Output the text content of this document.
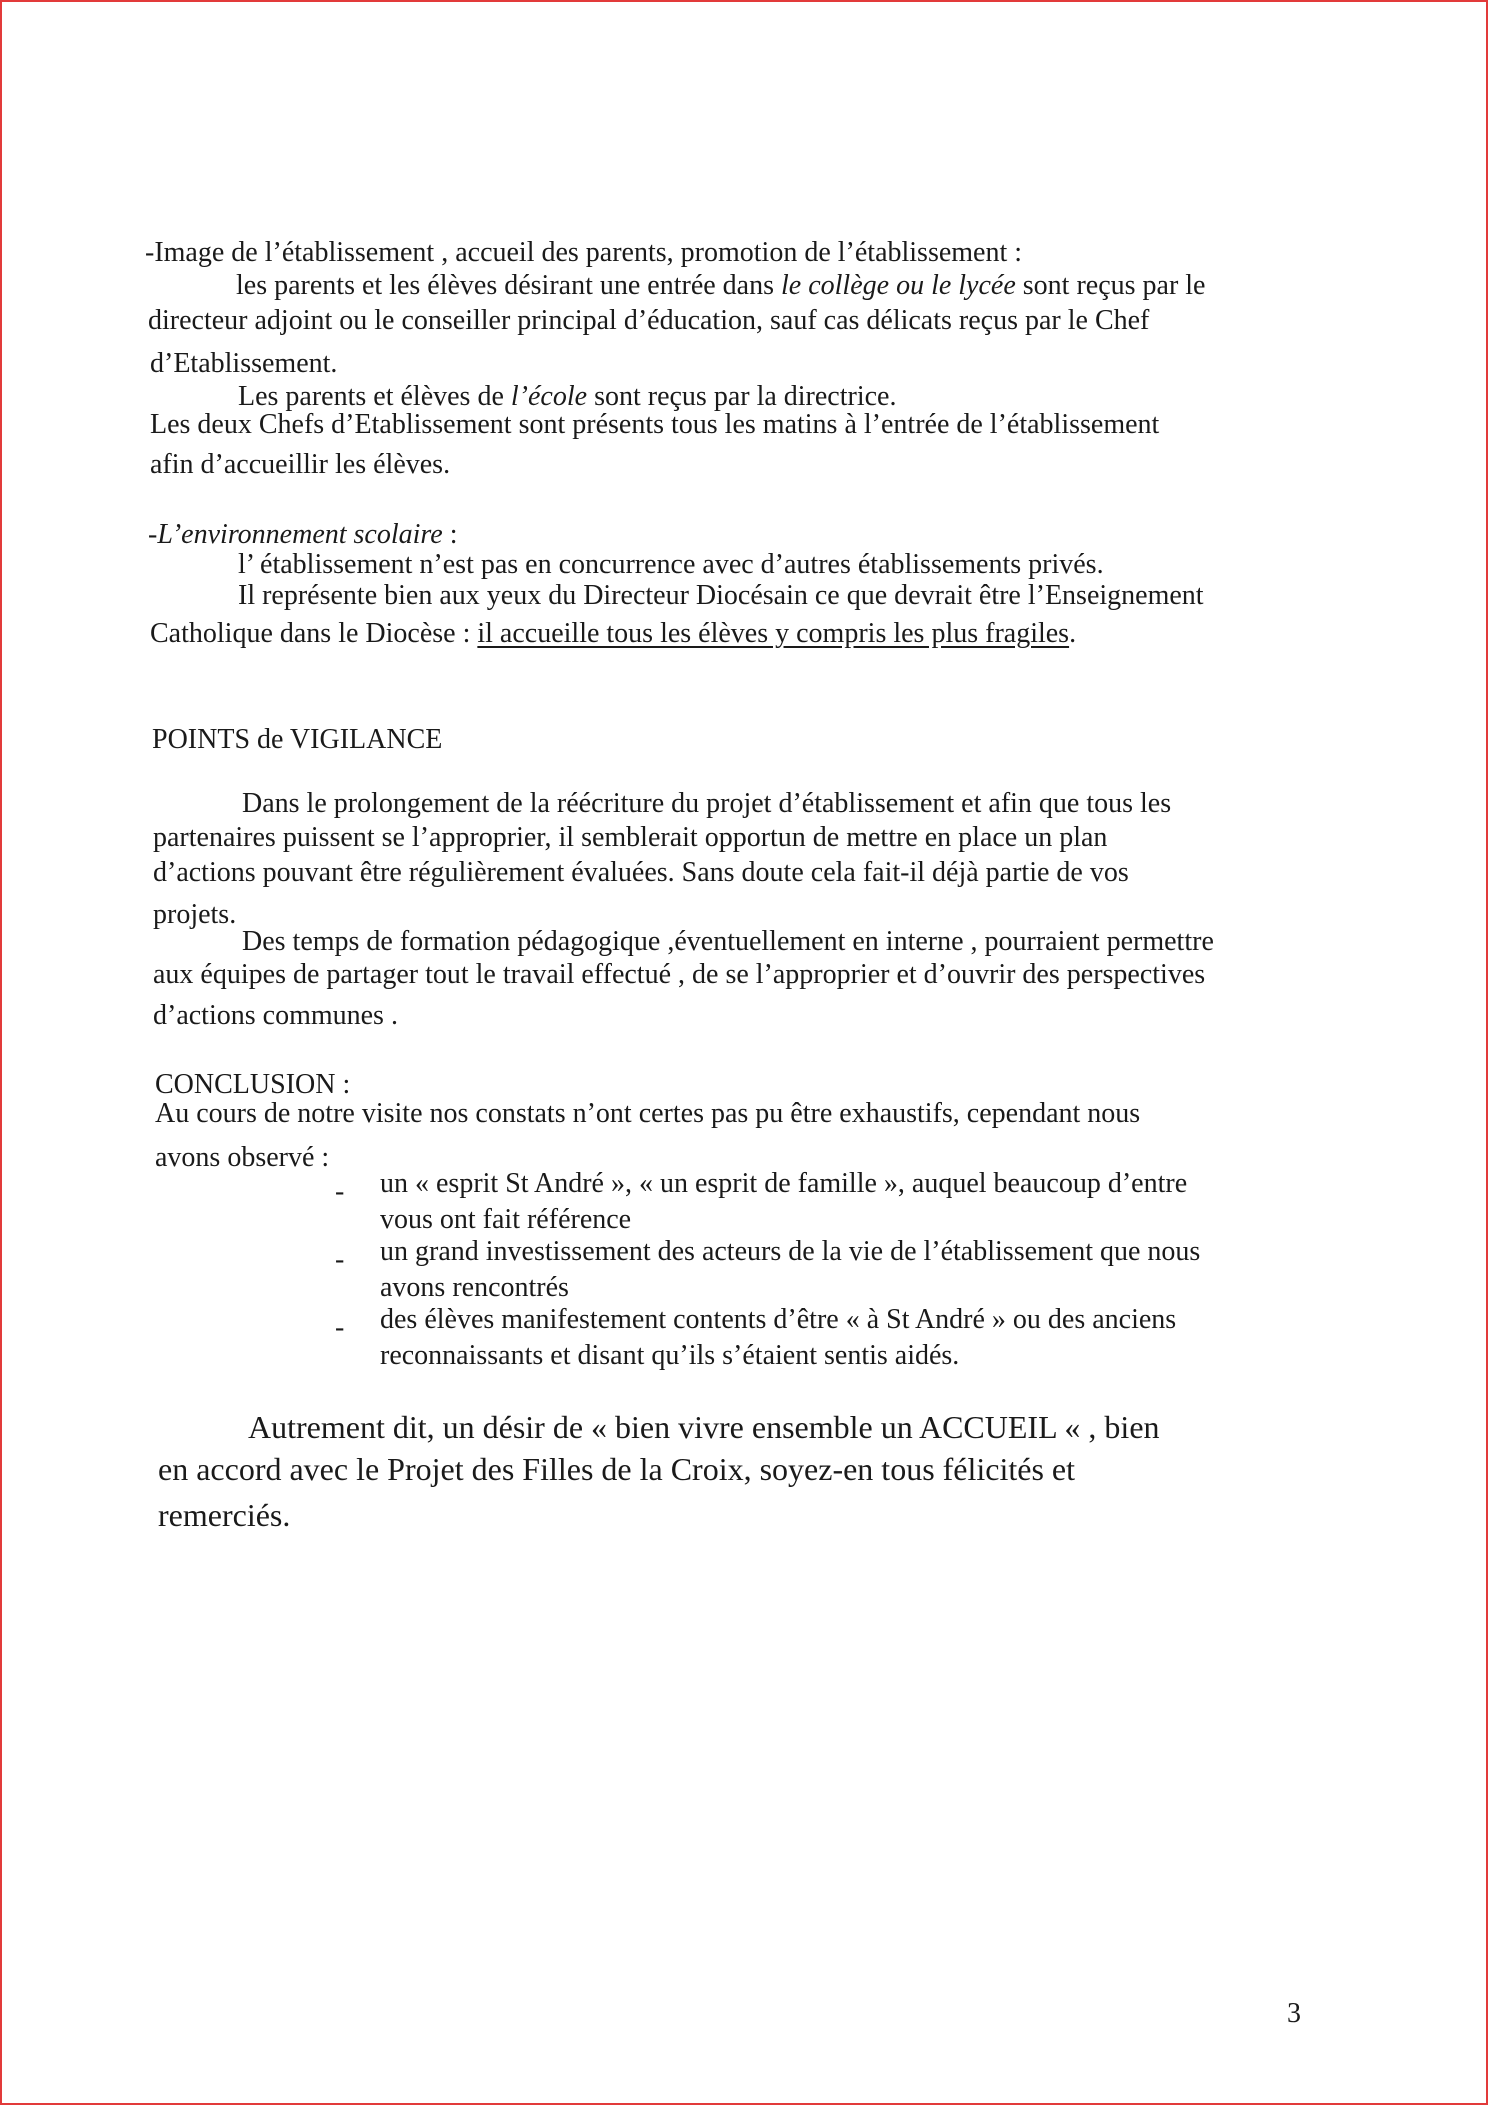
-Image de l’établissement , accueil des parents, promotion de l’établissement :

les parents et les élèves désirant une entrée dans le collège ou le lycée sont reçus par le

directeur adjoint ou le conseiller principal d’éducation, sauf cas délicats reçus par le Chef

d’Etablissement.

Les parents et élèves de l’école sont reçus par la directrice.

Les deux Chefs d’Etablissement sont présents tous les matins à l’entrée de l’établissement

afin d’accueillir les élèves.

-L’environnement scolaire :

l’ établissement n’est pas en concurrence avec d’autres établissements privés.

Il représente bien aux yeux du Directeur Diocésain ce que devrait être l’Enseignement

Catholique dans le Diocèse : il accueille tous les élèves y compris les plus fragiles.

POINTS de VIGILANCE

Dans le prolongement de la réécriture du projet d’établissement et afin que tous les

partenaires puissent se l’approprier, il semblerait opportun de mettre en place un plan

d’actions pouvant être régulièrement évaluées. Sans doute cela fait-il déjà partie de vos

projets.

Des temps de formation pédagogique ,éventuellement en interne , pourraient permettre

aux équipes de partager tout le travail effectué , de se l’approprier et d’ouvrir des perspectives

d’actions communes .

CONCLUSION :

Au cours de notre visite nos constats n’ont certes pas pu être exhaustifs, cependant nous

avons observé :

- un « esprit St André », « un esprit de famille », auquel beaucoup d’entre

vous ont fait référence

- un grand investissement des acteurs de la vie de l’établissement que nous

avons rencontrés

- des élèves manifestement contents d’être « à St André » ou des anciens

reconnaissants et disant qu’ils s’étaient sentis aidés.

Autrement dit, un désir de « bien vivre ensemble un ACCUEIL « , bien

en accord avec le Projet des Filles de la Croix, soyez-en tous félicités et

remerciés.

3
